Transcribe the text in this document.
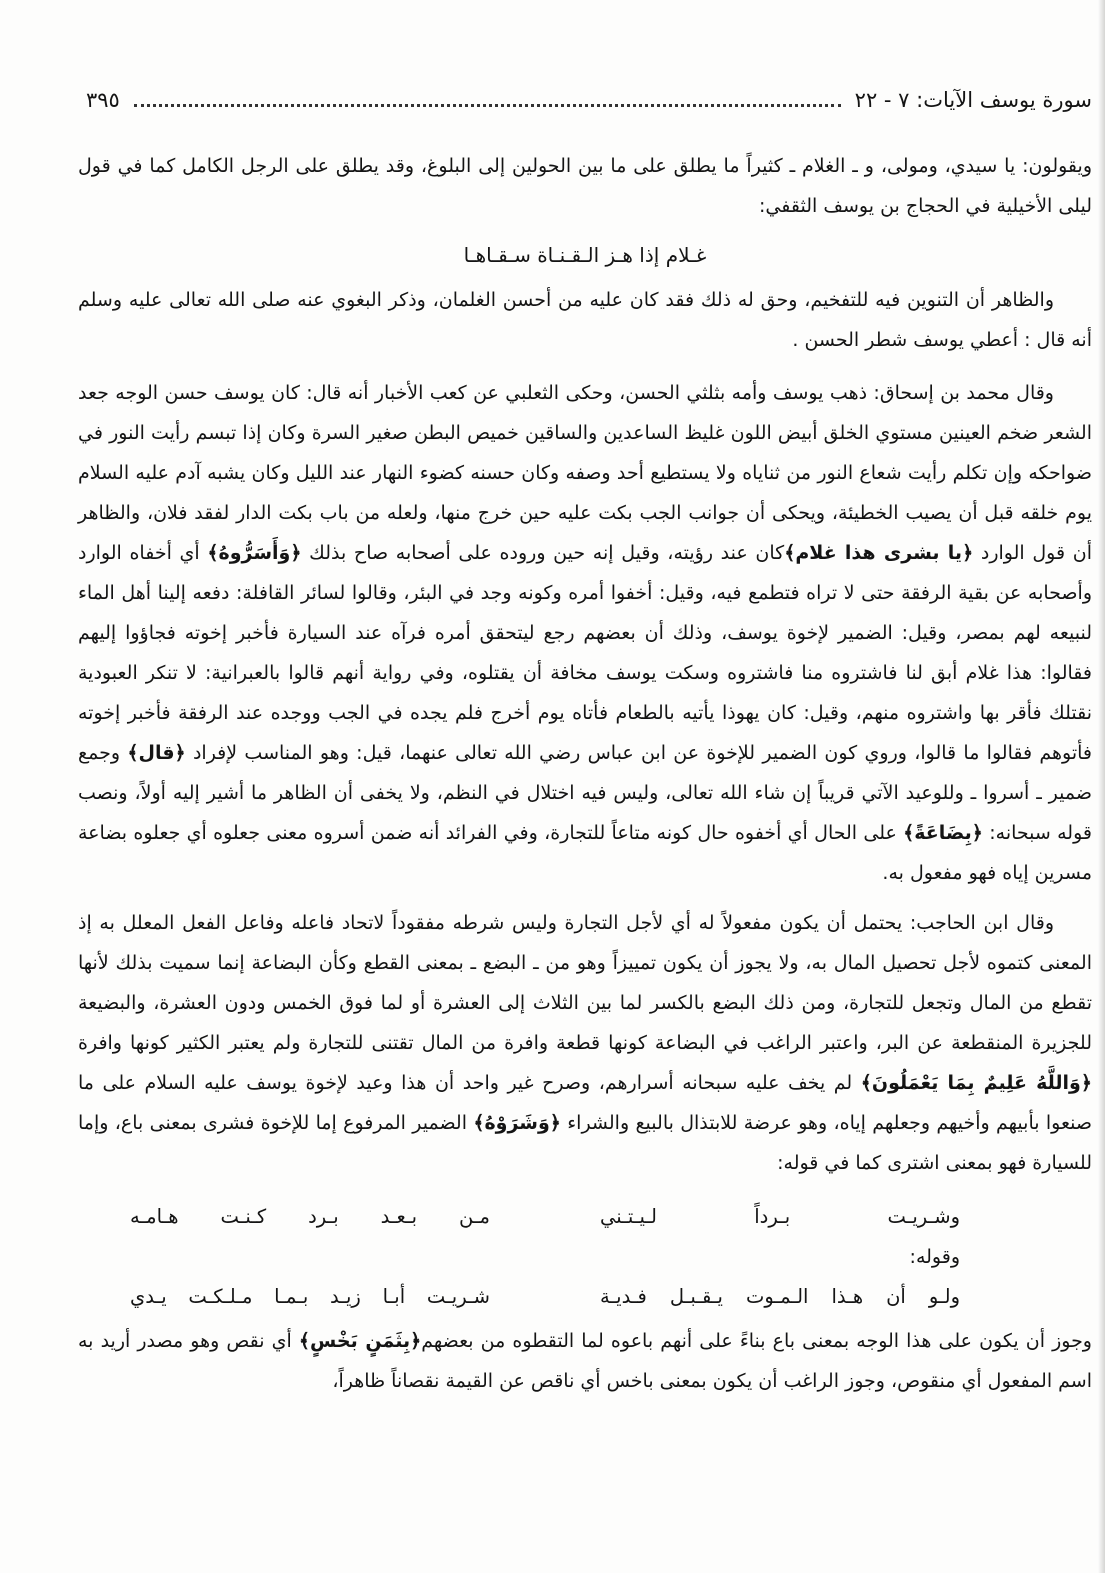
سورة يوسف الآيات: ٧ - ٢٢
٣٩٥

ويقولون: يا سيدي، ومولى، و ـ الغلام ـ كثيراً ما يطلق على ما بين الحولين إلى البلوغ، وقد يطلق على الرجل الكامل كما في قول ليلى الأخيلية في الحجاج بن يوسف الثقفي:

غـلام إذا هـز الـقـنـاة سـقـاهـا

والظاهر أن التنوين فيه للتفخيم، وحق له ذلك فقد كان عليه من أحسن الغلمان، وذكر البغوي عنه صلى الله تعالى عليه وسلم أنه قال : أعطي يوسف شطر الحسن .

وقال محمد بن إسحاق: ذهب يوسف وأمه بثلثي الحسن، وحكى الثعلبي عن كعب الأخبار أنه قال: كان يوسف حسن الوجه جعد الشعر ضخم العينين مستوي الخلق أبيض اللون غليظ الساعدين والساقين خميص البطن صغير السرة وكان إذا تبسم رأيت النور في ضواحكه وإن تكلم رأيت شعاع النور من ثناياه ولا يستطيع أحد وصفه وكان حسنه كضوء النهار عند الليل وكان يشبه آدم عليه السلام يوم خلقه قبل أن يصيب الخطيئة، ويحكى أن جوانب الجب بكت عليه حين خرج منها، ولعله من باب بكت الدار لفقد فلان، والظاهر أن قول الوارد ﴿يا بشرى هذا غلام﴾كان عند رؤيته، وقيل إنه حين وروده على أصحابه صاح بذلك ﴿وَأَسَرُّوهُ﴾ أي أخفاه الوارد وأصحابه عن بقية الرفقة حتى لا تراه فتطمع فيه، وقيل: أخفوا أمره وكونه وجد في البئر، وقالوا لسائر القافلة: دفعه إلينا أهل الماء لنبيعه لهم بمصر، وقيل: الضمير لإخوة يوسف، وذلك أن بعضهم رجع ليتحقق أمره فرآه عند السيارة فأخبر إخوته فجاؤوا إليهم فقالوا: هذا غلام أبق لنا فاشتروه منا فاشتروه وسكت يوسف مخافة أن يقتلوه، وفي رواية أنهم قالوا بالعبرانية: لا تنكر العبودية نقتلك فأقر بها واشتروه منهم، وقيل: كان يهوذا يأتيه بالطعام فأتاه يوم أخرج فلم يجده في الجب ووجده عند الرفقة فأخبر إخوته فأتوهم فقالوا ما قالوا، وروي كون الضمير للإخوة عن ابن عباس رضي الله تعالى عنهما، قيل: وهو المناسب لإفراد ﴿قال﴾ وجمع ضمير ـ أسروا ـ وللوعيد الآتي قريباً إن شاء الله تعالى، وليس فيه اختلال في النظم، ولا يخفى أن الظاهر ما أشير إليه أولاً، ونصب قوله سبحانه: ﴿بِضَاعَةً﴾ على الحال أي أخفوه حال كونه متاعاً للتجارة، وفي الفرائد أنه ضمن أسروه معنى جعلوه أي جعلوه بضاعة مسرين إياه فهو مفعول به.

وقال ابن الحاجب: يحتمل أن يكون مفعولاً له أي لأجل التجارة وليس شرطه مفقوداً لاتحاد فاعله وفاعل الفعل المعلل به إذ المعنى كتموه لأجل تحصيل المال به، ولا يجوز أن يكون تمييزاً وهو من ـ البضع ـ بمعنى القطع وكأن البضاعة إنما سميت بذلك لأنها تقطع من المال وتجعل للتجارة، ومن ذلك البضع بالكسر لما بين الثلاث إلى العشرة أو لما فوق الخمس ودون العشرة، والبضيعة للجزيرة المنقطعة عن البر، واعتبر الراغب في البضاعة كونها قطعة وافرة من المال تقتنى للتجارة ولم يعتبر الكثير كونها وافرة ﴿وَاللَّهُ عَلِيمٌ بِمَا يَعْمَلُونَ﴾ لم يخف عليه سبحانه أسرارهم، وصرح غير واحد أن هذا وعيد لإخوة يوسف عليه السلام على ما صنعوا بأبيهم وأخيهم وجعلهم إياه، وهو عرضة للابتذال بالبيع والشراء ﴿وَشَرَوْهُ﴾ الضمير المرفوع إما للإخوة فشرى بمعنى باع، وإما للسيارة فهو بمعنى اشترى كما في قوله:

وشـريـت بـرداً لـيـتـني
مـن بـعـد بـرد كـنـت هـامـه

وقوله:

ولـو أن هـذا الـمـوت يـقـبـل فـديـة
شـريـت أبـا زيـد بـمـا مـلـكـت يـدي

وجوز أن يكون على هذا الوجه بمعنى باع بناءً على أنهم باعوه لما التقطوه من بعضهم﴿بِثَمَنٍ بَخْسٍ﴾ أي نقص وهو مصدر أريد به اسم المفعول أي منقوص، وجوز الراغب أن يكون بمعنى باخس أي ناقص عن القيمة نقصاناً ظاهراً،
